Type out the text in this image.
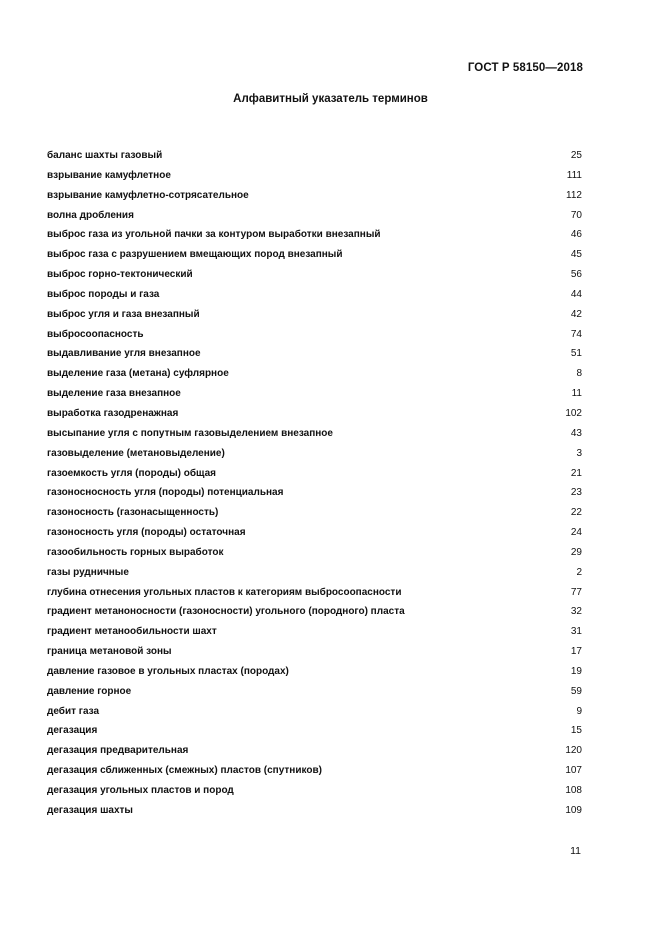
ГОСТ Р 58150—2018
Алфавитный указатель терминов
баланс шахты газовый	25
взрывание камуфлетное	111
взрывание камуфлетно-сотрясательное	112
волна дробления	70
выброс газа из угольной пачки за контуром выработки внезапный	46
выброс газа с разрушением вмещающих пород внезапный	45
выброс горно-тектонический	56
выброс породы и газа	44
выброс угля и газа внезапный	42
выбросоопасность	74
выдавливание угля внезапное	51
выделение газа (метана) суфлярное	8
выделение газа внезапное	11
выработка газодренажная	102
высыпание угля с попутным газовыделением внезапное	43
газовыделение (метановыделение)	3
газоемкость угля (породы) общая	21
газоносносность угля (породы) потенциальная	23
газоносность (газонасыщенность)	22
газоносность угля (породы) остаточная	24
газообильность горных выработок	29
газы рудничные	2
глубина отнесения угольных пластов к категориям выбросоопасности	77
градиент метаноносности (газоносности) угольного (породного) пласта	32
градиент метанообильности шахт	31
граница метановой зоны	17
давление газовое в угольных пластах (породах)	19
давление горное	59
дебит газа	9
дегазация	15
дегазация предварительная	120
дегазация сближенных (смежных) пластов (спутников)	107
дегазация угольных пластов и пород	108
дегазация шахты	109
11
